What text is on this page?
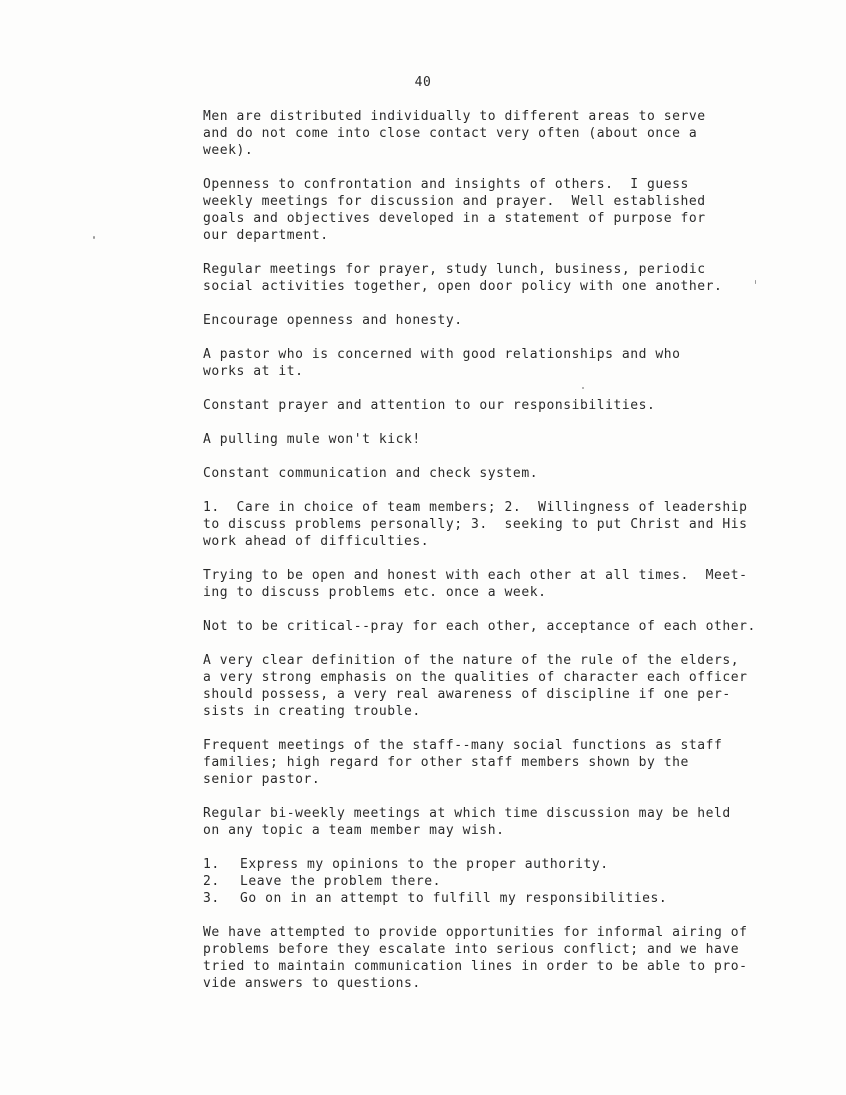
40

Men are distributed individually to different areas to serve
and do not come into close contact very often (about once a
week).

Openness to confrontation and insights of others.  I guess
weekly meetings for discussion and prayer.  Well established
goals and objectives developed in a statement of purpose for
our department.

Regular meetings for prayer, study lunch, business, periodic
social activities together, open door policy with one another.

Encourage openness and honesty.

A pastor who is concerned with good relationships and who
works at it.

Constant prayer and attention to our responsibilities.

A pulling mule won't kick!

Constant communication and check system.

1.  Care in choice of team members; 2.  Willingness of leadership
to discuss problems personally; 3.  seeking to put Christ and His
work ahead of difficulties.

Trying to be open and honest with each other at all times.  Meet-
ing to discuss problems etc. once a week.

Not to be critical--pray for each other, acceptance of each other.

A very clear definition of the nature of the rule of the elders,
a very strong emphasis on the qualities of character each officer
should possess, a very real awareness of discipline if one per-
sists in creating trouble.

Frequent meetings of the staff--many social functions as staff
families; high regard for other staff members shown by the
senior pastor.

Regular bi-weekly meetings at which time discussion may be held
on any topic a team member may wish.

1. Express my opinions to the proper authority.
2. Leave the problem there.
3. Go on in an attempt to fulfill my responsibilities.

We have attempted to provide opportunities for informal airing of
problems before they escalate into serious conflict; and we have
tried to maintain communication lines in order to be able to pro-
vide answers to questions.
